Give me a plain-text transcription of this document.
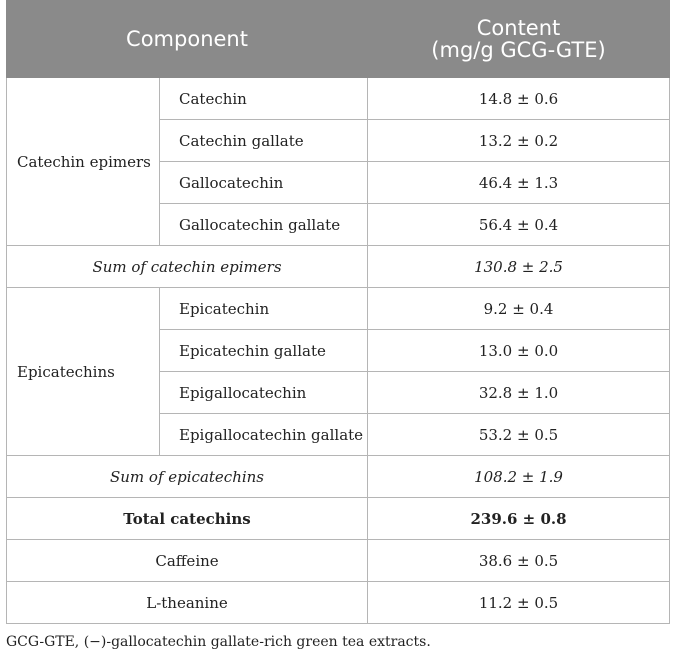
Component		Content
(mg/g GCG-GTE)

Catechin epimers	Catechin	14.8 ± 0.6
	Catechin gallate	13.2 ± 0.2
	Gallocatechin	46.4 ± 1.3
	Gallocatechin gallate	56.4 ± 0.4
Sum of catechin epimers		130.8 ± 2.5
Epicatechins	Epicatechin	9.2 ± 0.4
	Epicatechin gallate	13.0 ± 0.0
	Epigallocatechin	32.8 ± 1.0
	Epigallocatechin gallate	53.2 ± 0.5
Sum of epicatechins		108.2 ± 1.9
Total catechins		239.6 ± 0.8
Caffeine		38.6 ± 0.5
L-theanine		11.2 ± 0.5
GCG-GTE, (−)-gallocatechin gallate-rich green tea extracts.
